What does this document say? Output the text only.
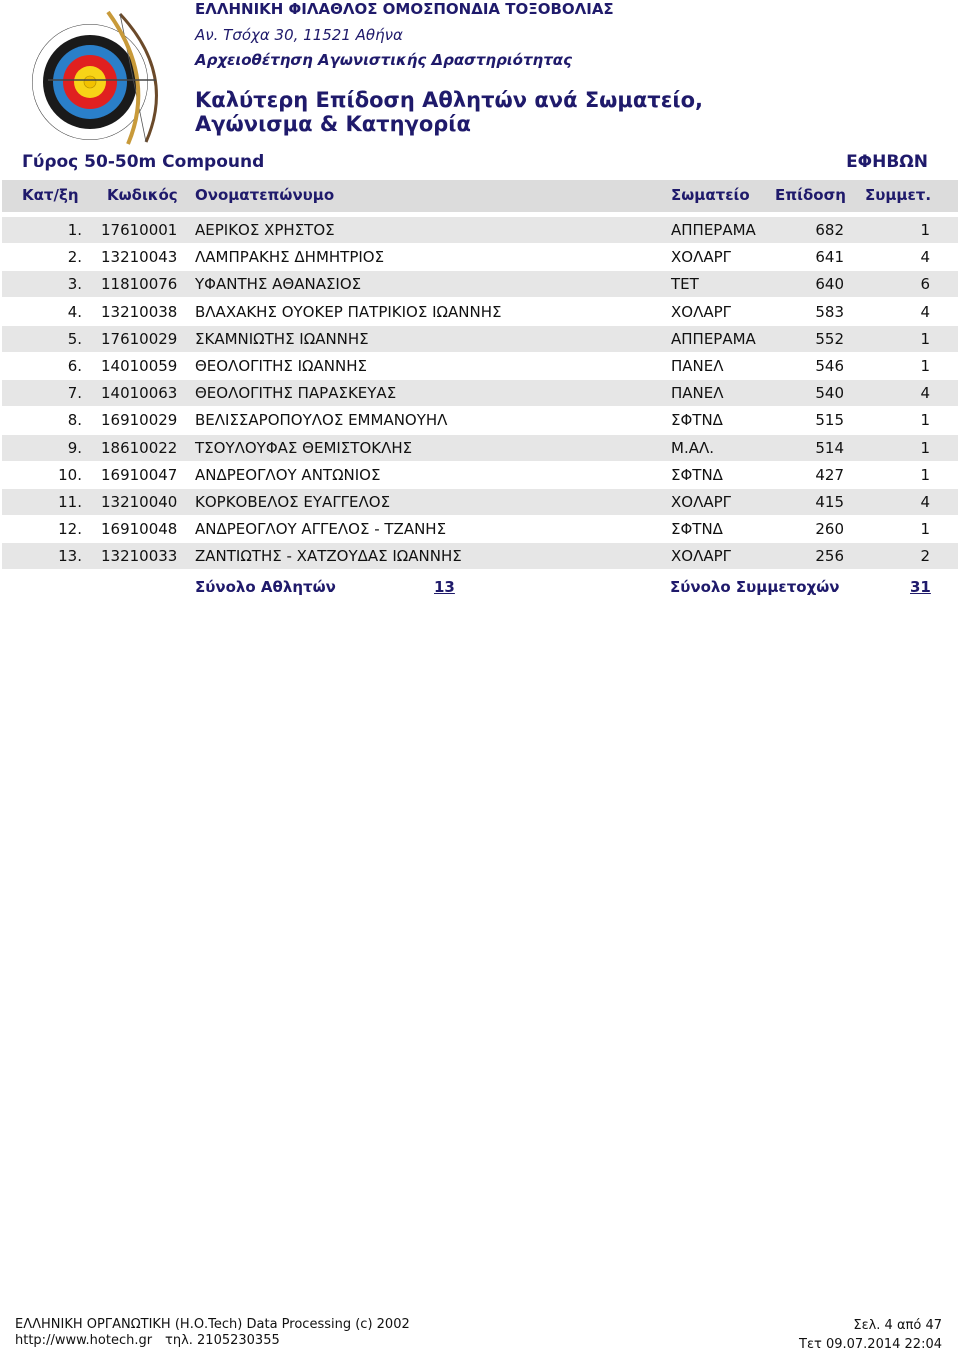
ΕΛΛΗΝΙΚΗ ΦΙΛΑΘΛΟΣ ΟΜΟΣΠΟΝΔΙΑ ΤΟΞΟΒΟΛΙΑΣ
Αν. Τσόχα 30, 11521 Αθήνα
Αρχειοθέτηση Αγωνιστικής Δραστηριότητας
Καλύτερη Επίδοση Αθλητών ανά Σωματείο,
Αγώνισμα & Κατηγορία
Γύρος 50-50m Compound	ΕΦΗΒΩΝ
Κατ/ξη Κωδικός Ονοματεπώνυμο	Σωματείο Επίδοση Συμμετ.
1. 17610001 ΑΕΡΙΚΟΣ ΧΡΗΣΤΟΣ	ΑΠΠΕΡΑΜΑ	682	1
2. 13210043 ΛΑΜΠΡΑΚΗΣ ΔΗΜΗΤΡΙΟΣ	ΧΟΛΑΡΓ	641	4
3. 11810076 ΥΦΑΝΤΗΣ ΑΘΑΝΑΣΙΟΣ	ΤΕΤ	640	6
4. 13210038 ΒΛΑΧΑΚΗΣ ΟΥΟΚΕΡ ΠΑΤΡΙΚΙΟΣ ΙΩΑΝΝΗΣ	ΧΟΛΑΡΓ	583	4
5. 17610029 ΣΚΑΜΝΙΩΤΗΣ ΙΩΑΝΝΗΣ	ΑΠΠΕΡΑΜΑ	552	1
6. 14010059 ΘΕΟΛΟΓΙΤΗΣ ΙΩΑΝΝΗΣ	ΠΑΝΕΛ	546	1
7. 14010063 ΘΕΟΛΟΓΙΤΗΣ ΠΑΡΑΣΚΕΥΑΣ	ΠΑΝΕΛ	540	4
8. 16910029 ΒΕΛΙΣΣΑΡΟΠΟΥΛΟΣ ΕΜΜΑΝΟΥΗΛ	ΣΦΤΝΔ	515	1
9. 18610022 ΤΣΟΥΛΟΥΦΑΣ ΘΕΜΙΣΤΟΚΛΗΣ	Μ.ΑΛ.	514	1
10. 16910047 ΑΝΔΡΕΟΓΛΟΥ ΑΝΤΩΝΙΟΣ	ΣΦΤΝΔ	427	1
11. 13210040 ΚΟΡΚΟΒΕΛΟΣ ΕΥΑΓΓΕΛΟΣ	ΧΟΛΑΡΓ	415	4
12. 16910048 ΑΝΔΡΕΟΓΛΟΥ ΑΓΓΕΛΟΣ - ΤΖΑΝΗΣ	ΣΦΤΝΔ	260	1
13. 13210033 ΖΑΝΤΙΩΤΗΣ - ΧΑΤΖΟΥΔΑΣ ΙΩΑΝΝΗΣ	ΧΟΛΑΡΓ	256	2
Σύνολο Αθλητών	13	Σύνολο Συμμετοχών	31
ΕΛΛΗΝΙΚΗ ΟΡΓΑΝΩΤΙΚΗ (Η.Ο.Tech) Data Processing (c) 2002
http://www.hotech.gr τηλ. 2105230355
Σελ. 4 από 47
Τετ 09.07.2014 22:04
